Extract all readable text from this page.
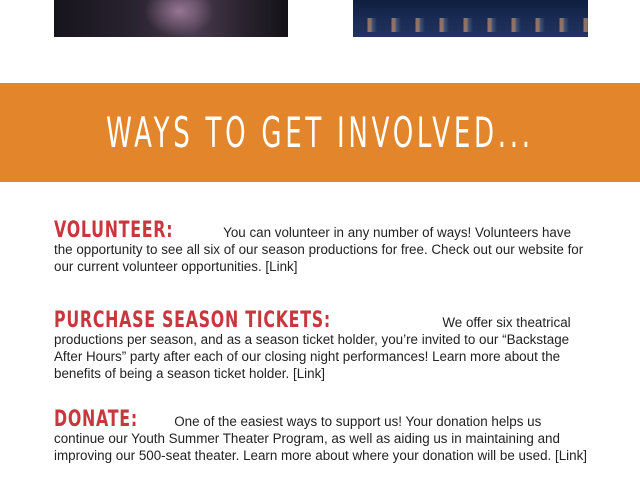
WAYS TO GET INVOLVED...

VOLUNTEER:	You can volunteer in any number of ways! Volunteers have the opportunity to see all six of our season productions for free. Check out our website for our current volunteer opportunities. [Link]

PURCHASE SEASON TICKETS:	We offer six theatrical productions per season, and as a season ticket holder, you’re invited to our “Backstage After Hours” party after each of our closing night performances! Learn more about the benefits of being a season ticket holder. [Link]

DONATE:	One of the easiest ways to support us! Your donation helps us continue our Youth Summer Theater Program, as well as aiding us in maintaining and improving our 500-seat theater. Learn more about where your donation will be used. [Link]
